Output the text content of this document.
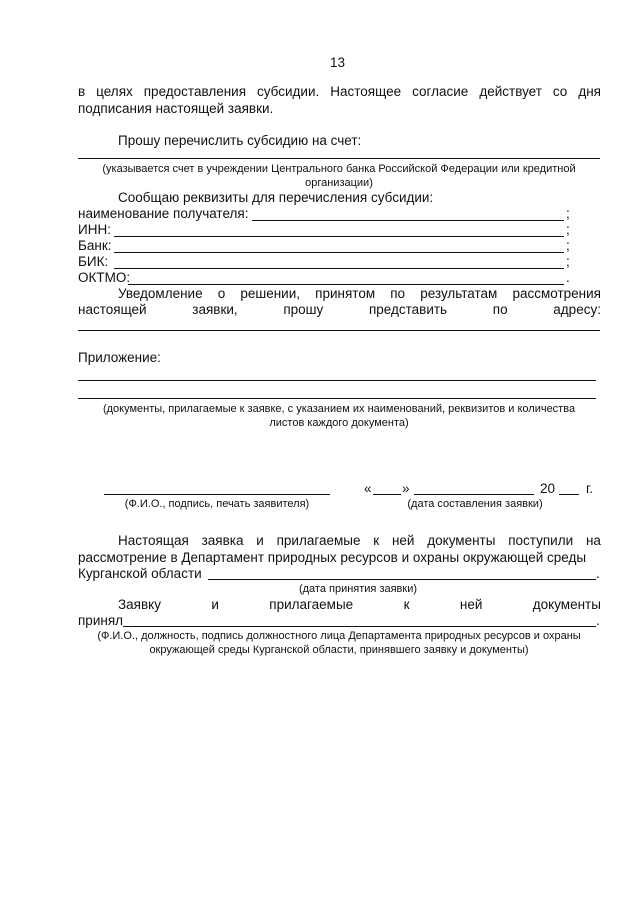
13
в целях предоставления субсидии. Настоящее согласие действует со дня
подписания настоящей заявки.
Прошу перечислить субсидию на счет:
(указывается счет в учреждении Центрального банка Российской Федерации или кредитной
организации)
Сообщаю реквизиты для перечисления субсидии:
наименование получателя:	;
ИНН:	;
Банк:	;
БИК:	;
ОКТМО:	.
Уведомление о решении, принятом по результатам рассмотрения
настоящей	заявки,	прошу	представить	по	адресу:
Приложение:
(документы, прилагаемые к заявке, с указанием их наименований, реквизитов и количества
листов каждого документа)
(Ф.И.О., подпись, печать заявителя)
« »	20 г.
(дата составления заявки)
Настоящая заявка и прилагаемые к ней документы поступили на
рассмотрение в Департамент природных ресурсов и охраны окружающей среды
Курганской области	.
(дата принятия заявки)
Заявку	и	прилагаемые	к	ней	документы
принял	.
(Ф.И.О., должность, подпись должностного лица Департамента природных ресурсов и охраны
окружающей среды Курганской области, принявшего заявку и документы)
